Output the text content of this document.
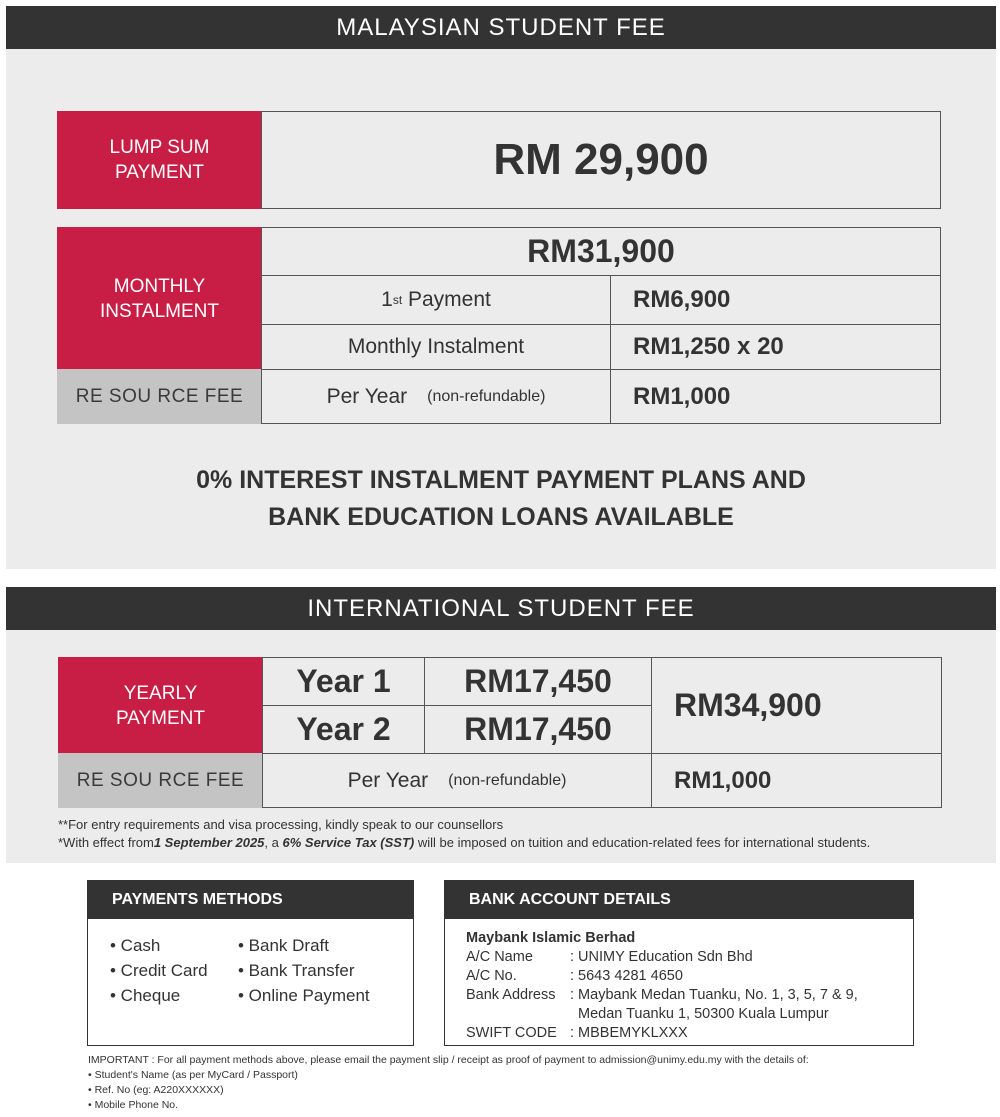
MALAYSIAN STUDENT FEE
LUMP SUM
PAYMENT	RM 29,900
MONTHLY
INSTALMENT
RM31,900
1 st Payment	RM6,900
Monthly Instalment	RM1,250 x 20
RE SOU RCE FEE	Per Year (non-refundable)	RM1,000
0% INTEREST INSTALMENT PAYMENT PLANS AND
BANK EDUCATION LOANS AVAILABLE
INTERNATIONAL STUDENT FEE
YEARLY
PAYMENT
Year 1	RM17,450
Year 2	RM17,450
RM34,900
RE SOU RCE FEE	Per Year (non-refundable)	RM1,000
**For entry requirements and visa processing, kindly speak to our counsellors
*With effect from1 September 2025, a 6% Service Tax (SST) will be imposed on tuition and education-related fees for international students.
PAYMENTS METHODS
• Cash
• Credit Card
• Cheque
• Bank Draft
• Bank Transfer
• Online Payment
BANK ACCOUNT DETAILS
Maybank Islamic Berhad
A/C Name	: UNIMY Education Sdn Bhd
A/C No.	: 5643 4281 4650
Bank Address	: Maybank Medan Tuanku, No. 1, 3, 5, 7 & 9,
Medan Tuanku 1, 50300 Kuala Lumpur
SWIFT CODE : MBBEMYKLXXX
IMPORTANT : For all payment methods above, please email the payment slip / receipt as proof of payment to admission@unimy.edu.my with the details of:
• Student's Name (as per MyCard / Passport)
• Ref. No (eg: A220XXXXXX)
• Mobile Phone No.
